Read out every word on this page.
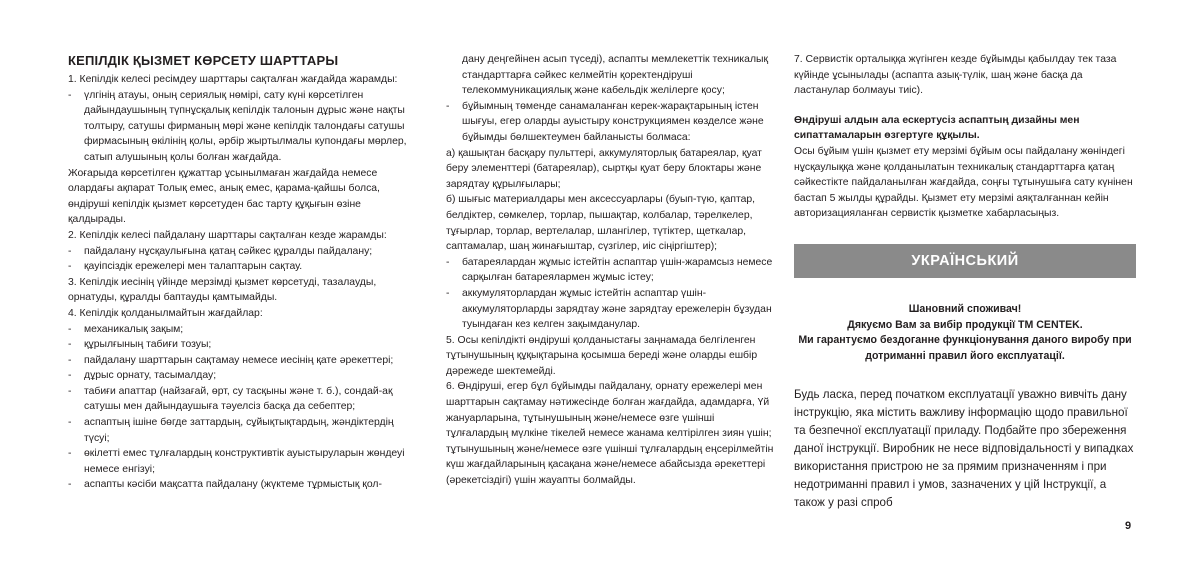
КЕПІЛДІК ҚЫЗМЕТ КӨРСЕТУ ШАРТТАРЫ

1. Кепілдік келесі ресімдеу шарттары сақталған жағдайда жарамды:

- үлгінің атауы, оның сериялық нөмірі, сату күні көрсетілген дайындаушының түпнұсқалық кепілдік талонын дұрыс және нақты толтыру, сатушы фирманың мөрі және кепілдік талондағы сатушы фирмасының өкілінің қолы, әрбір жыртылмалы купондағы мөрлер, сатып алушының қолы болған жағдайда.

Жоғарыда көрсетілген құжаттар ұсынылмаған жағдайда немесе олардағы ақпарат Толық емес, анық емес, қарама-қайшы болса, өндіруші кепілдік қызмет көрсетуден бас тарту құқығын өзіне қалдырады.

2. Кепілдік келесі пайдалану шарттары сақталған кезде жарамды:

- пайдалану нұсқаулығына қатаң сәйкес құралды пайдалану;

- қауіпсіздік ережелері мен талаптарын сақтау.

3. Кепілдік иесінің үйінде мерзімді қызмет көрсетуді, тазалауды, орнатуды, құралды баптауды қамтымайды.

4. Кепілдік қолданылмайтын жағдайлар:

- механикалық зақым;

- құрылғының табиғи тозуы;

- пайдалану шарттарын сақтамау немесе иесінің қате әрекеттері;

- дұрыс орнату, тасымалдау;

- табиғи апаттар (найзағай, өрт, су тасқыны және т. б.), сондай-ақ сатушы мен дайындаушыға тәуелсіз басқа да себептер;

- аспаптың ішіне бөгде заттардың, сұйықтықтардың, жәндіктердің түсуі;

- өкілетті емес тұлғалардың конструктивтік ауыстыруларын жөндеуі немесе енгізуі;

- аспапты кәсіби мақсатта пайдалану (жүктеме тұрмыстық қол-

дану деңгейінен асып түседі), аспапты мемлекеттік техникалық стандарттарға сәйкес келмейтін қоректендіруші телекоммуникациялық және кабельдік желілерге қосу;

- бұйымның төменде санамаланған керек-жарақтарының істен шығуы, егер оларды ауыстыру конструкциямен көзделсе және бұйымды бөлшектеумен байланысты болмаса:

а) қашықтан басқару пульттері, аккумуляторлық батареялар, қуат беру элементтері (батареялар), сыртқы қуат беру блоктары және зарядтау құрылғылары;

б) шығыс материалдары мен аксессуарлары (буып-түю, қаптар, белдіктер, сөмкелер, торлар, пышақтар, колбалар, тәрелкелер, тұғырлар, торлар, вертелалар, шлангілер, түтіктер, щеткалар, саптамалар, шаң жинағыштар, сүзгілер, иіс сіңіргіштер);

- батареялардан жұмыс істейтін аспаптар үшін-жарамсыз немесе сарқылған батареялармен жұмыс істеу;

- аккумуляторлардан жұмыс істейтін аспаптар үшін-аккумуляторларды зарядтау және зарядтау ережелерін бұзудан туындаған кез келген зақымданулар.

5. Осы кепілдікті өндіруші қолданыстағы заңнамада белгіленген тұтынушының құқықтарына қосымша береді және оларды ешбір дәрежеде шектемейді.

6. Өндіруші, егер бұл бұйымды пайдалану, орнату ережелері мен шарттарын сақтамау нәтижесінде болған жағдайда, адамдарға, Үй жануарларына, тұтынушының және/немесе өзге үшінші тұлғалардың мүлкіне тікелей немесе жанама келтірілген зиян үшін; тұтынушының және/немесе өзге үшінші тұлғалардың еңсерілмейтін күш жағдайларының қасақана және/немесе абайсызда әрекеттері (әрекетсіздігі) үшін жауапты болмайды.

7. Сервистік орталыққа жүгінген кезде бұйымды қабылдау тек таза күйінде ұсынылады (аспапта азық-түлік, шаң және басқа да ластанулар болмауы тиіс).

Өндіруші алдын ала ескертусіз аспаптың дизайны мен сипаттамаларын өзгертуге құқылы.

Осы бұйым үшін қызмет ету мерзімі бұйым осы пайдалану жөніндегі нұсқаулыққа және қолданылатын техникалық стандарттарға қатаң сәйкестікте пайдаланылған жағдайда, соңғы тұтынушыға сату күнінен бастап 5 жылды құрайды. Қызмет ету мерзімі аяқталғаннан кейін авторизацияланған сервистік қызметке хабарласыңыз.

УКРАЇНСЬКИЙ

Шановний споживач!
Дякуємо Вам за вибір продукції ТМ CENTEK.
Ми гарантуємо бездоганне функціонування даного виробу при дотриманні правил його експлуатації.

Будь ласка, перед початком експлуатації уважно вивчіть дану інструкцію, яка містить важливу інформацію щодо правильної та безпечної експлуатації приладу. Подбайте про збереження даної інструкції. Виробник не несе відповідальності у випадках використання пристрою не за прямим призначенням і при недотриманні правил і умов, зазначених у цій Інструкції, а також у разі спроб

9
